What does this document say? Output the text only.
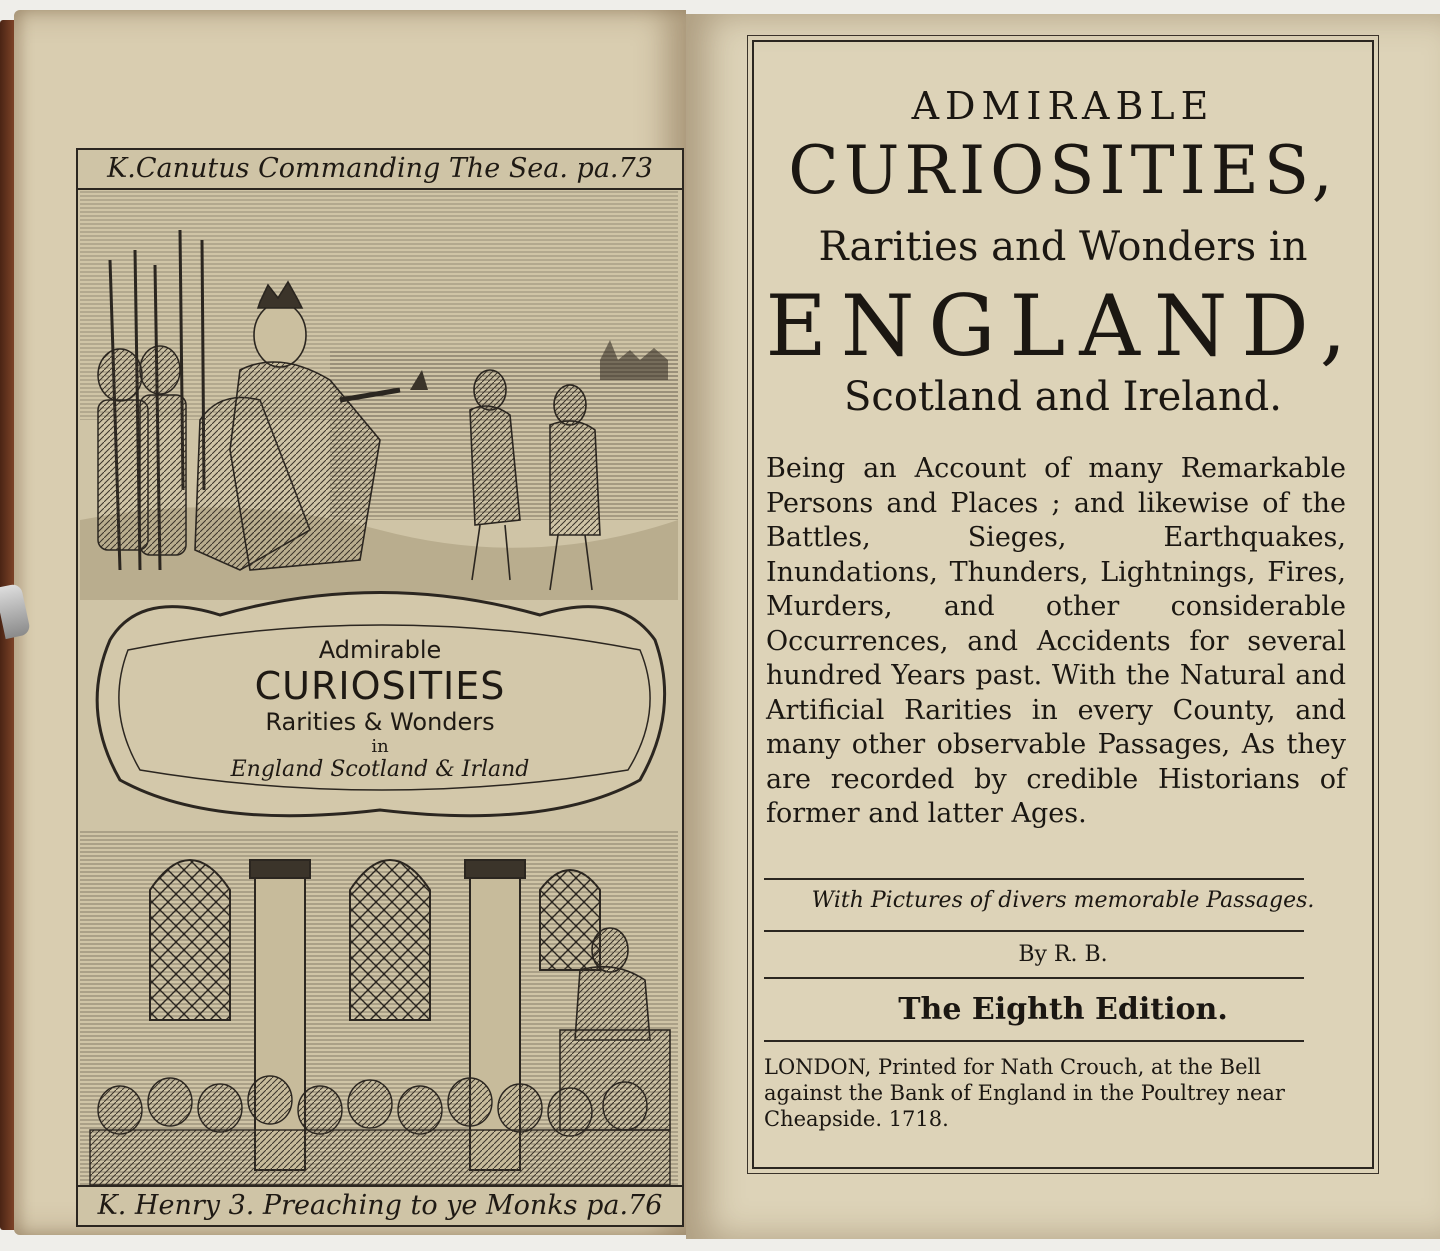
K.Canutus Commanding The Sea. pa.73
Admirable
CURIOSITIES
Rarities & Wonders
in
England Scotland & Irland
K. Henry 3. Preaching to ye Monks pa.76
ADMIRABLE
CURIOSITIES,
Rarities and Wonders in
ENGLAND,
Scotland and Ireland.
Being an Account of many Remarkable Persons and Places ; and likewise of the Battles, Sieges, Earthquakes, Inundations, Thunders, Lightnings, Fires, Murders, and other considerable Occurrences, and Accidents for several hundred Years past. With the Natural and Artificial Rarities in every County, and many other observable Passages, As they are recorded by credible Historians of former and latter Ages.
With Pictures of divers memorable Passages.
By R. B.
The Eighth Edition.
LONDON, Printed for Nath Crouch, at the Bell against the Bank of England in the Poultrey near Cheapside. 1718.
